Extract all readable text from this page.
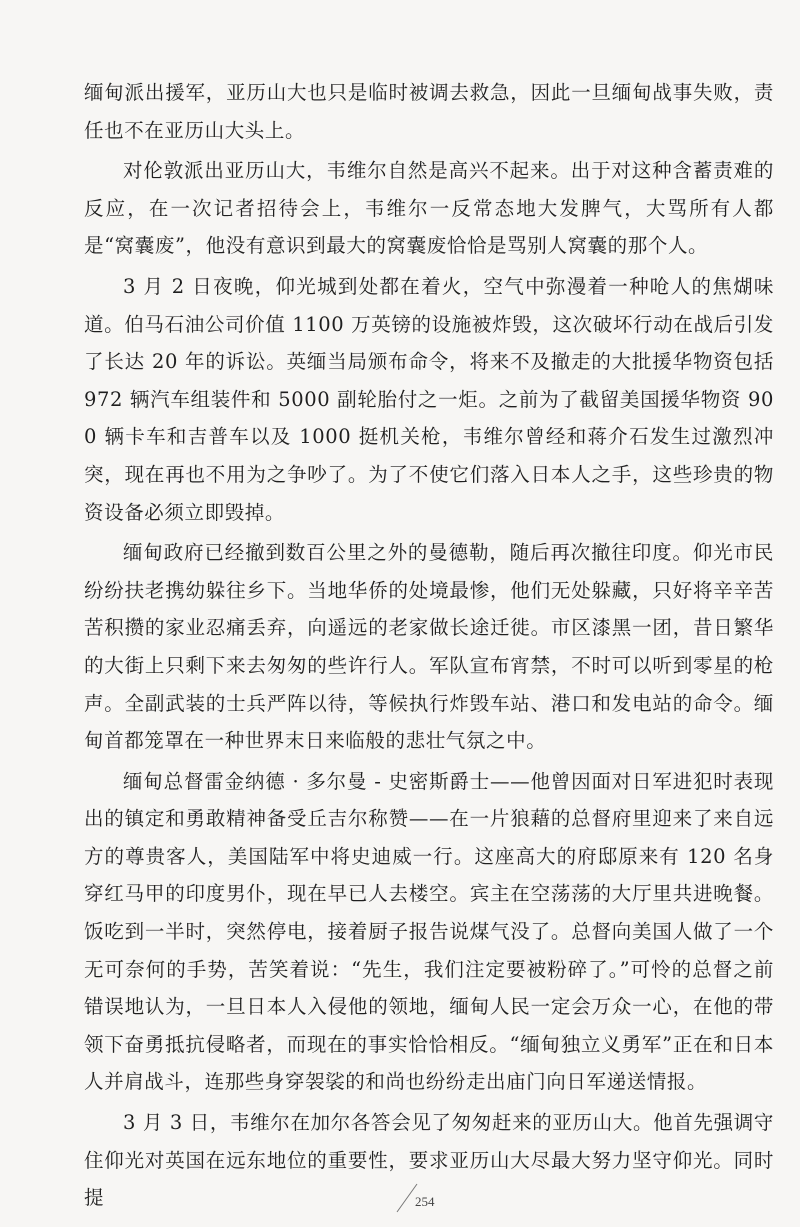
缅甸派出援军，亚历山大也只是临时被调去救急，因此一旦缅甸战事失败，责任也不在亚历山大头上。

对伦敦派出亚历山大，韦维尔自然是高兴不起来。出于对这种含蓄责难的反应，在一次记者招待会上，韦维尔一反常态地大发脾气，大骂所有人都是“窝囊废”，他没有意识到最大的窝囊废恰恰是骂别人窝囊的那个人。

3 月 2 日夜晚，仰光城到处都在着火，空气中弥漫着一种呛人的焦煳味道。伯马石油公司价值 1100 万英镑的设施被炸毁，这次破坏行动在战后引发了长达 20 年的诉讼。英缅当局颁布命令，将来不及撤走的大批援华物资包括 972 辆汽车组装件和 5000 副轮胎付之一炬。之前为了截留美国援华物资 900 辆卡车和吉普车以及 1000 挺机关枪，韦维尔曾经和蒋介石发生过激烈冲突，现在再也不用为之争吵了。为了不使它们落入日本人之手，这些珍贵的物资设备必须立即毁掉。

缅甸政府已经撤到数百公里之外的曼德勒，随后再次撤往印度。仰光市民纷纷扶老携幼躲往乡下。当地华侨的处境最惨，他们无处躲藏，只好将辛辛苦苦积攒的家业忍痛丢弃，向遥远的老家做长途迁徙。市区漆黑一团，昔日繁华的大街上只剩下来去匆匆的些许行人。军队宣布宵禁，不时可以听到零星的枪声。全副武装的士兵严阵以待，等候执行炸毁车站、港口和发电站的命令。缅甸首都笼罩在一种世界末日来临般的悲壮气氛之中。

缅甸总督雷金纳德 · 多尔曼 - 史密斯爵士——他曾因面对日军进犯时表现出的镇定和勇敢精神备受丘吉尔称赞——在一片狼藉的总督府里迎来了来自远方的尊贵客人，美国陆军中将史迪威一行。这座高大的府邸原来有 120 名身穿红马甲的印度男仆，现在早已人去楼空。宾主在空荡荡的大厅里共进晚餐。饭吃到一半时，突然停电，接着厨子报告说煤气没了。总督向美国人做了一个无可奈何的手势，苦笑着说：“先生，我们注定要被粉碎了。”可怜的总督之前错误地认为，一旦日本人入侵他的领地，缅甸人民一定会万众一心，在他的带领下奋勇抵抗侵略者，而现在的事实恰恰相反。“缅甸独立义勇军”正在和日本人并肩战斗，连那些身穿袈裟的和尚也纷纷走出庙门向日军递送情报。

3 月 3 日，韦维尔在加尔各答会见了匆匆赶来的亚历山大。他首先强调守住仰光对英国在远东地位的重要性，要求亚历山大尽最大努力坚守仰光。同时提	254
